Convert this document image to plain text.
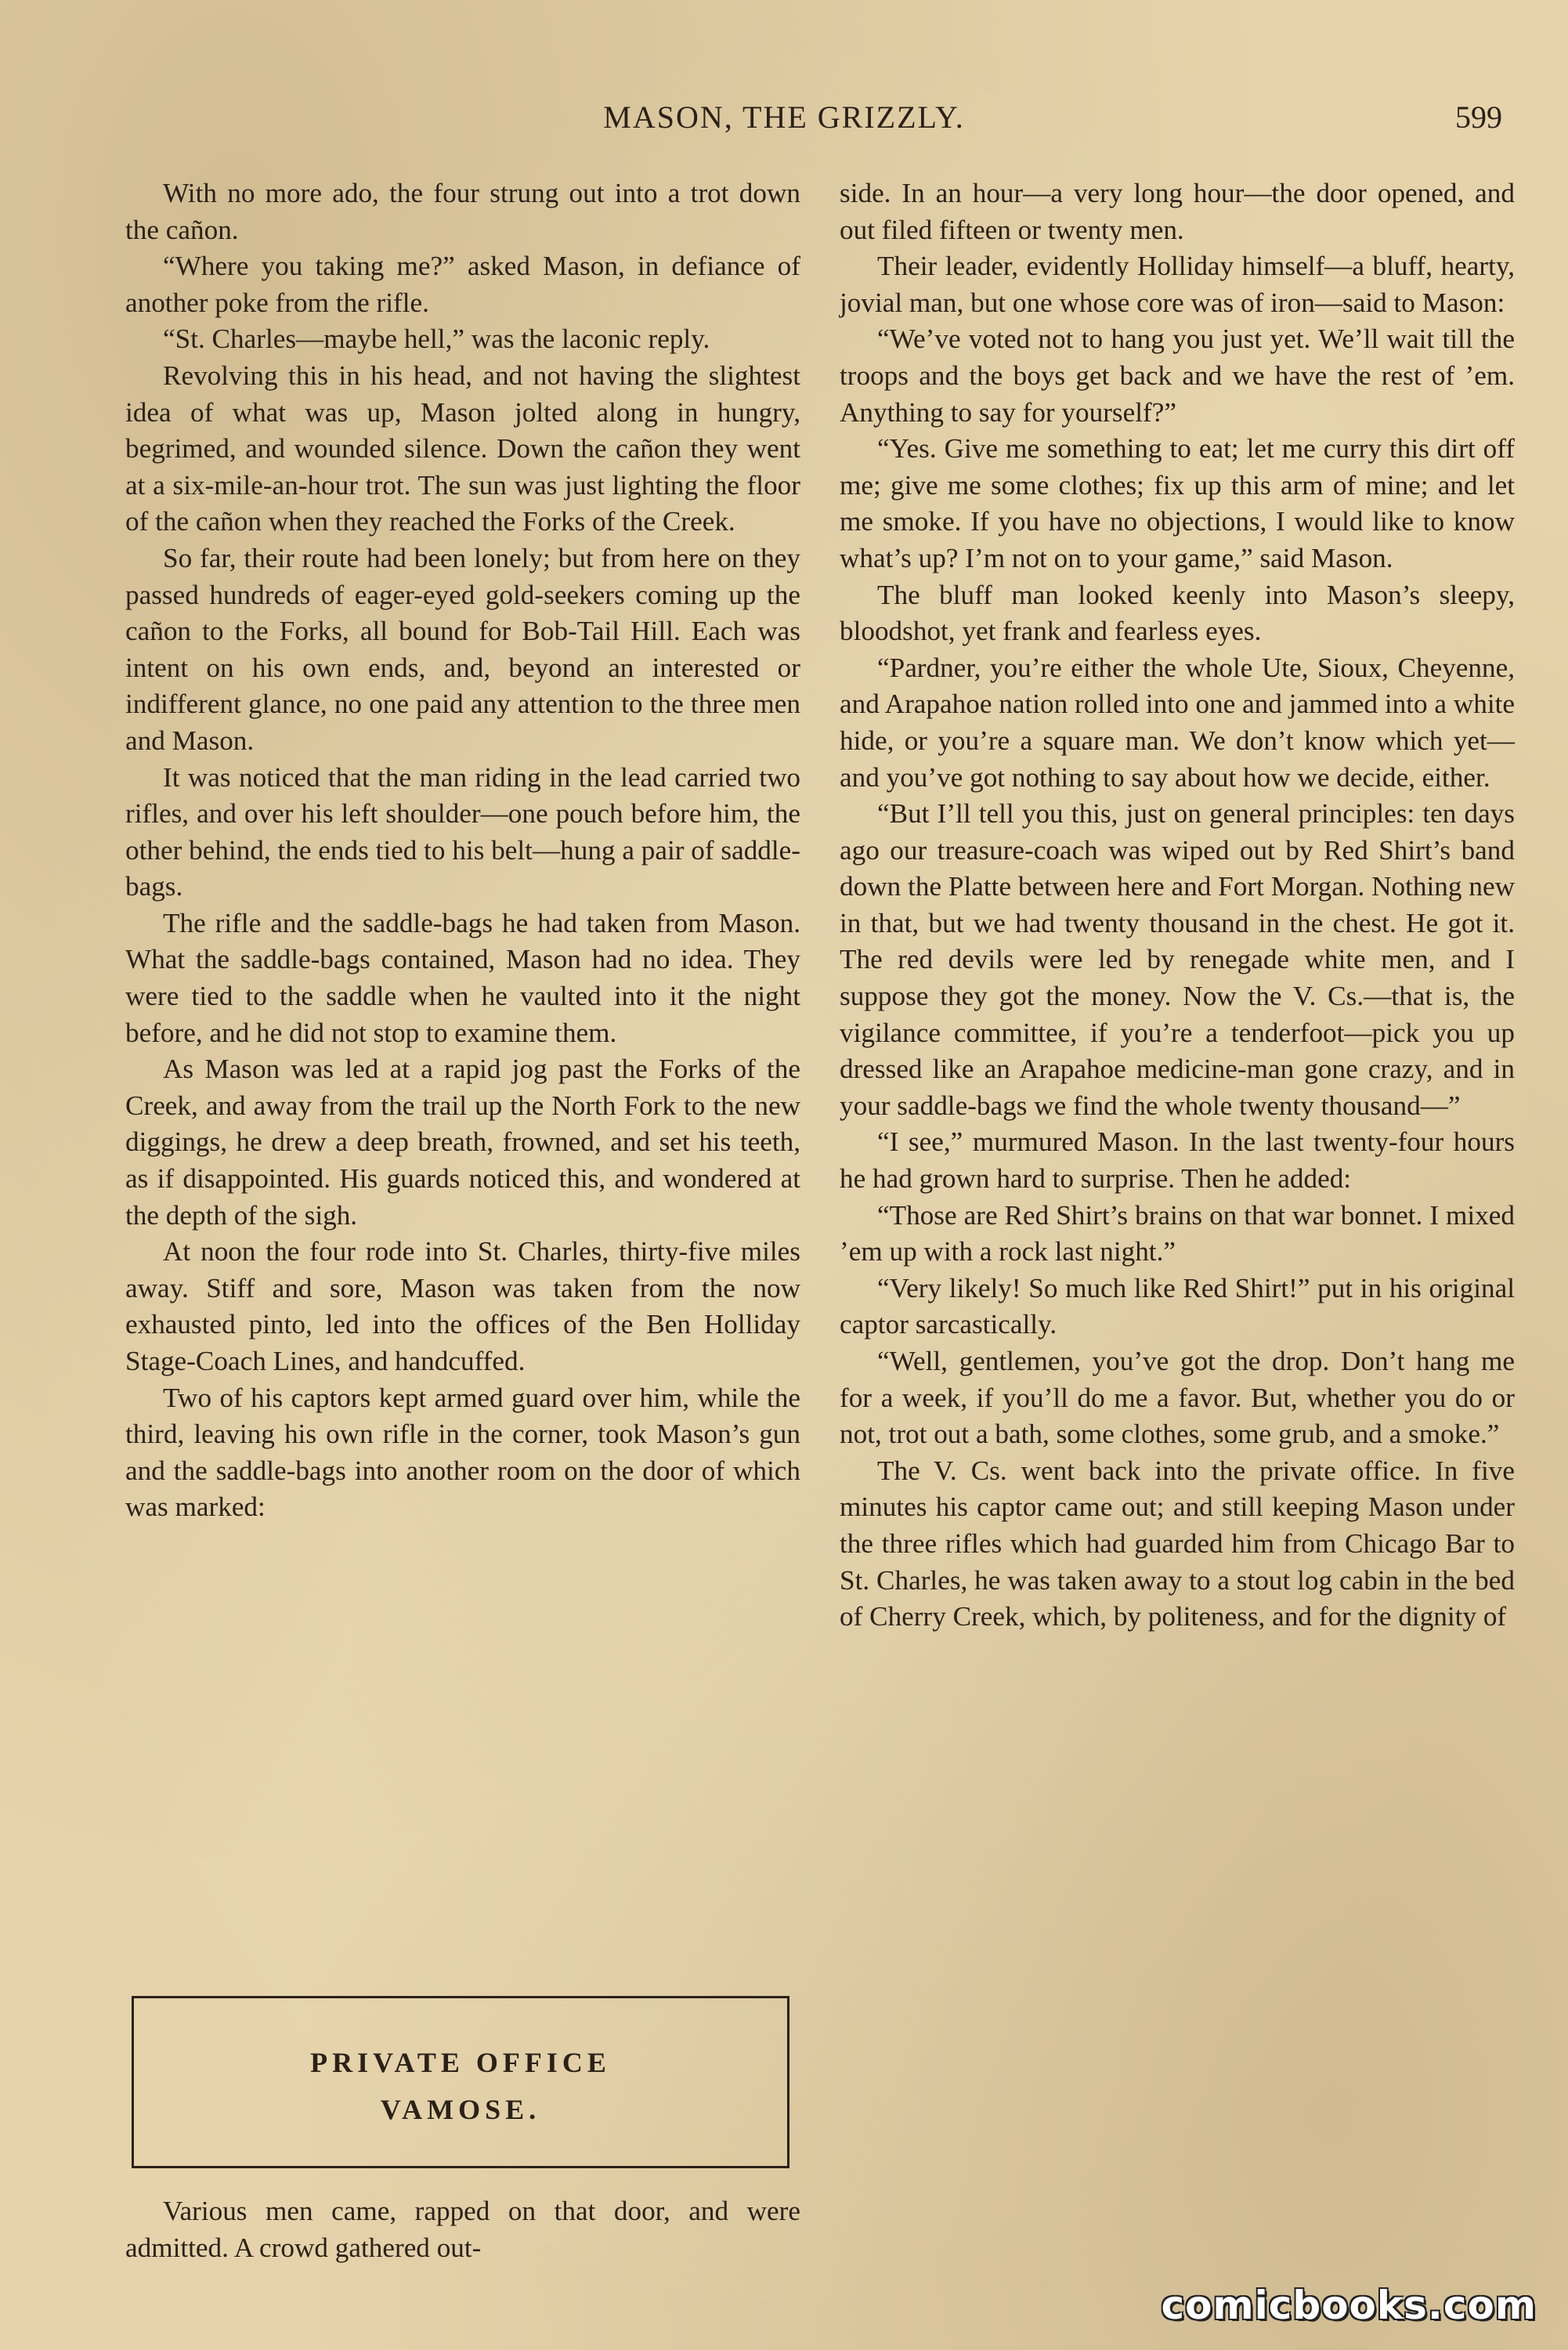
MASON, THE GRIZZLY.	599

With no more ado, the four strung out into a trot down the cañon.

“Where you taking me?” asked Mason, in defiance of another poke from the rifle.

“St. Charles—maybe hell,” was the laconic reply.

Revolving this in his head, and not having the slightest idea of what was up, Mason jolted along in hungry, begrimed, and wounded silence. Down the cañon they went at a six-mile-an-hour trot. The sun was just lighting the floor of the cañon when they reached the Forks of the Creek.

So far, their route had been lonely; but from here on they passed hundreds of eager-eyed gold-seekers coming up the cañon to the Forks, all bound for Bob-Tail Hill. Each was intent on his own ends, and, beyond an interested or indifferent glance, no one paid any attention to the three men and Mason.

It was noticed that the man riding in the lead carried two rifles, and over his left shoulder—one pouch before him, the other behind, the ends tied to his belt—hung a pair of saddle-bags.

The rifle and the saddle-bags he had taken from Mason. What the saddle-bags contained, Mason had no idea. They were tied to the saddle when he vaulted into it the night before, and he did not stop to examine them.

As Mason was led at a rapid jog past the Forks of the Creek, and away from the trail up the North Fork to the new diggings, he drew a deep breath, frowned, and set his teeth, as if disappointed. His guards noticed this, and wondered at the depth of the sigh.

At noon the four rode into St. Charles, thirty-five miles away. Stiff and sore, Mason was taken from the now exhausted pinto, led into the offices of the Ben Holliday Stage-Coach Lines, and handcuffed.

Two of his captors kept armed guard over him, while the third, leaving his own rifle in the corner, took Mason’s gun and the saddle-bags into another room on the door of which was marked:

PRIVATE OFFICE
VAMOSE.

Various men came, rapped on that door, and were admitted. A crowd gathered out-

side. In an hour—a very long hour—the door opened, and out filed fifteen or twenty men.

Their leader, evidently Holliday himself—a bluff, hearty, jovial man, but one whose core was of iron—said to Mason:

“We’ve voted not to hang you just yet. We’ll wait till the troops and the boys get back and we have the rest of ’em. Anything to say for yourself?”

“Yes. Give me something to eat; let me curry this dirt off me; give me some clothes; fix up this arm of mine; and let me smoke. If you have no objections, I would like to know what’s up? I’m not on to your game,” said Mason.

The bluff man looked keenly into Mason’s sleepy, bloodshot, yet frank and fearless eyes.

“Pardner, you’re either the whole Ute, Sioux, Cheyenne, and Arapahoe nation rolled into one and jammed into a white hide, or you’re a square man. We don’t know which yet—and you’ve got nothing to say about how we decide, either.

“But I’ll tell you this, just on general principles: ten days ago our treasure-coach was wiped out by Red Shirt’s band down the Platte between here and Fort Morgan. Nothing new in that, but we had twenty thousand in the chest. He got it. The red devils were led by renegade white men, and I suppose they got the money. Now the V. Cs.—that is, the vigilance committee, if you’re a tenderfoot—pick you up dressed like an Arapahoe medicine-man gone crazy, and in your saddle-bags we find the whole twenty thousand—”

“I see,” murmured Mason. In the last twenty-four hours he had grown hard to surprise. Then he added:

“Those are Red Shirt’s brains on that war bonnet. I mixed ’em up with a rock last night.”

“Very likely! So much like Red Shirt!” put in his original captor sarcastically.

“Well, gentlemen, you’ve got the drop. Don’t hang me for a week, if you’ll do me a favor. But, whether you do or not, trot out a bath, some clothes, some grub, and a smoke.”

The V. Cs. went back into the private office. In five minutes his captor came out; and still keeping Mason under the three rifles which had guarded him from Chicago Bar to St. Charles, he was taken away to a stout log cabin in the bed of Cherry Creek, which, by politeness, and for the dignity of

comicbooks.com
